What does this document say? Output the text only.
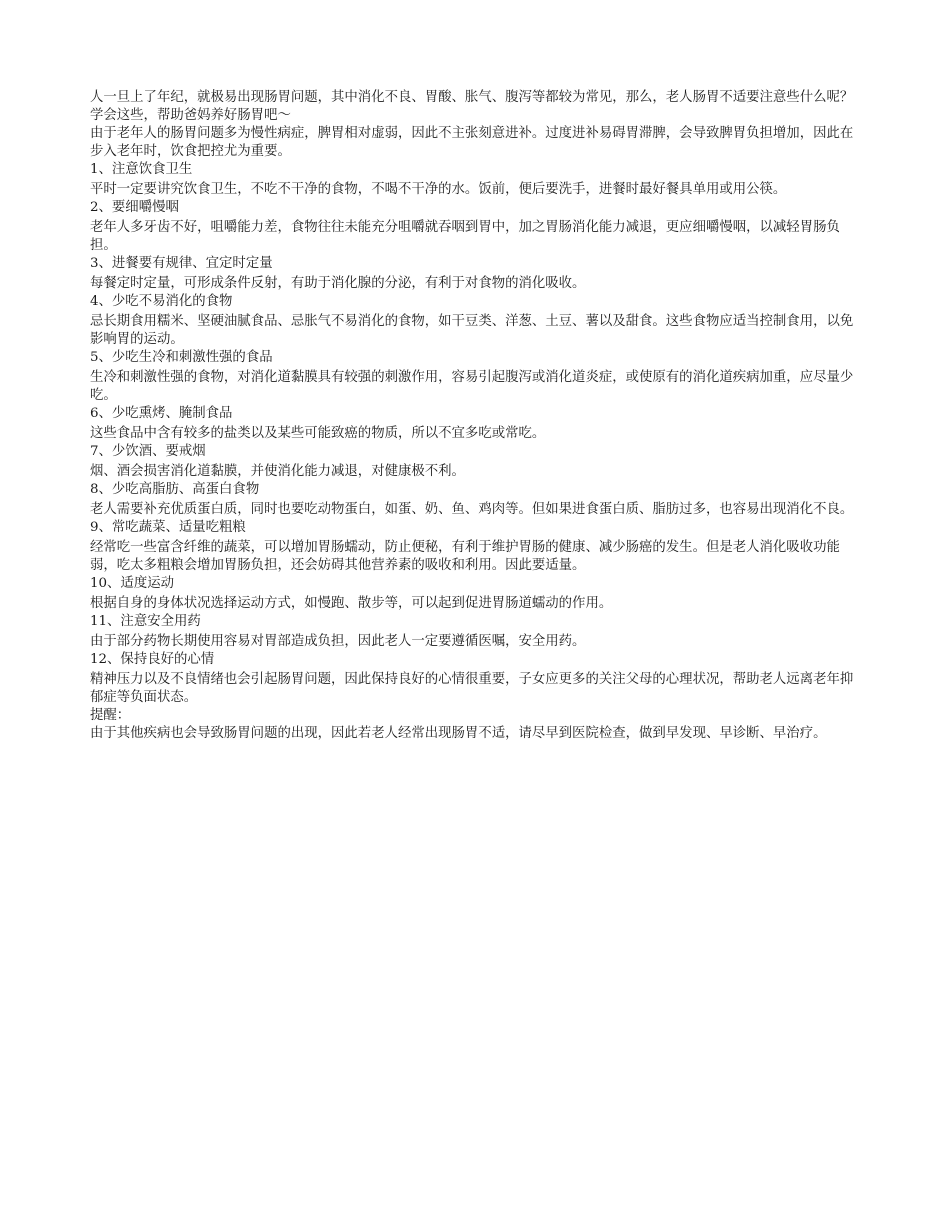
人一旦上了年纪，就极易出现肠胃问题，其中消化不良、胃酸、胀气、腹泻等都较为常见，那么，老人肠胃不适要注意些什么呢？学会这些，帮助爸妈养好肠胃吧～

由于老年人的肠胃问题多为慢性病症，脾胃相对虚弱，因此不主张刻意进补。过度进补易碍胃滞脾，会导致脾胃负担增加，因此在步入老年时，饮食把控尤为重要。

1、注意饮食卫生

平时一定要讲究饮食卫生，不吃不干净的食物，不喝不干净的水。饭前，便后要洗手，进餐时最好餐具单用或用公筷。

2、要细嚼慢咽

老年人多牙齿不好，咀嚼能力差，食物往往未能充分咀嚼就吞咽到胃中，加之胃肠消化能力减退，更应细嚼慢咽，以减轻胃肠负担。

3、进餐要有规律、宜定时定量

每餐定时定量，可形成条件反射，有助于消化腺的分泌，有利于对食物的消化吸收。

4、少吃不易消化的食物

忌长期食用糯米、坚硬油腻食品、忌胀气不易消化的食物，如干豆类、洋葱、土豆、薯以及甜食。这些食物应适当控制食用，以免影响胃的运动。

5、少吃生冷和刺激性强的食品

生冷和刺激性强的食物，对消化道黏膜具有较强的刺激作用，容易引起腹泻或消化道炎症，或使原有的消化道疾病加重，应尽量少吃。

6、少吃熏烤、腌制食品

这些食品中含有较多的盐类以及某些可能致癌的物质，所以不宜多吃或常吃。

7、少饮酒、要戒烟

烟、酒会损害消化道黏膜，并使消化能力减退，对健康极不利。

8、少吃高脂肪、高蛋白食物

老人需要补充优质蛋白质，同时也要吃动物蛋白，如蛋、奶、鱼、鸡肉等。但如果进食蛋白质、脂肪过多，也容易出现消化不良。

9、常吃蔬菜、适量吃粗粮

经常吃一些富含纤维的蔬菜，可以增加胃肠蠕动，防止便秘，有利于维护胃肠的健康、减少肠癌的发生。但是老人消化吸收功能弱，吃太多粗粮会增加胃肠负担，还会妨碍其他营养素的吸收和利用。因此要适量。

10、适度运动

根据自身的身体状况选择运动方式，如慢跑、散步等，可以起到促进胃肠道蠕动的作用。

11、注意安全用药

由于部分药物长期使用容易对胃部造成负担，因此老人一定要遵循医嘱，安全用药。

12、保持良好的心情

精神压力以及不良情绪也会引起肠胃问题，因此保持良好的心情很重要，子女应更多的关注父母的心理状况，帮助老人远离老年抑郁症等负面状态。

提醒：

由于其他疾病也会导致肠胃问题的出现，因此若老人经常出现肠胃不适，请尽早到医院检查，做到早发现、早诊断、早治疗。
